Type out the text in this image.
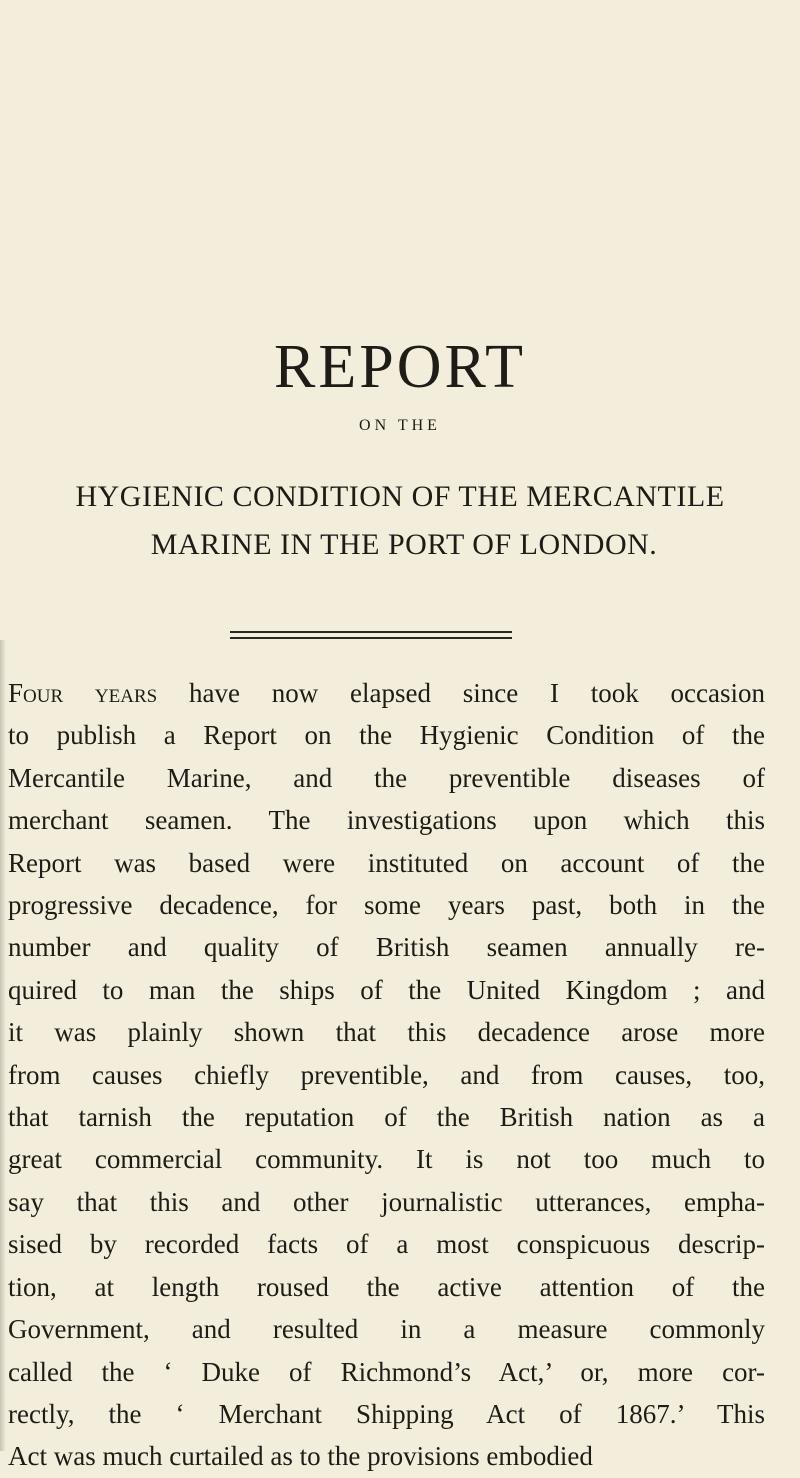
REPORT
ON THE
HYGIENIC CONDITION OF THE MERCANTILE
MARINE IN THE PORT OF LONDON.
Four years have now elapsed since I took occasion
to publish a Report on the Hygienic Condition of the
Mercantile Marine, and the preventible diseases of
merchant seamen. The investigations upon which this
Report was based were instituted on account of the
progressive decadence, for some years past, both in the
number and quality of British seamen annually re-
quired to man the ships of the United Kingdom ; and
it was plainly shown that this decadence arose more
from causes chiefly preventible, and from causes, too,
that tarnish the reputation of the British nation as a
great commercial community. It is not too much to
say that this and other journalistic utterances, empha-
sised by recorded facts of a most conspicuous descrip-
tion, at length roused the active attention of the
Government, and resulted in a measure commonly
called the ‘ Duke of Richmond’s Act,’ or, more cor-
rectly, the ‘ Merchant Shipping Act of 1867.’ This
Act was much curtailed as to the provisions embodied
